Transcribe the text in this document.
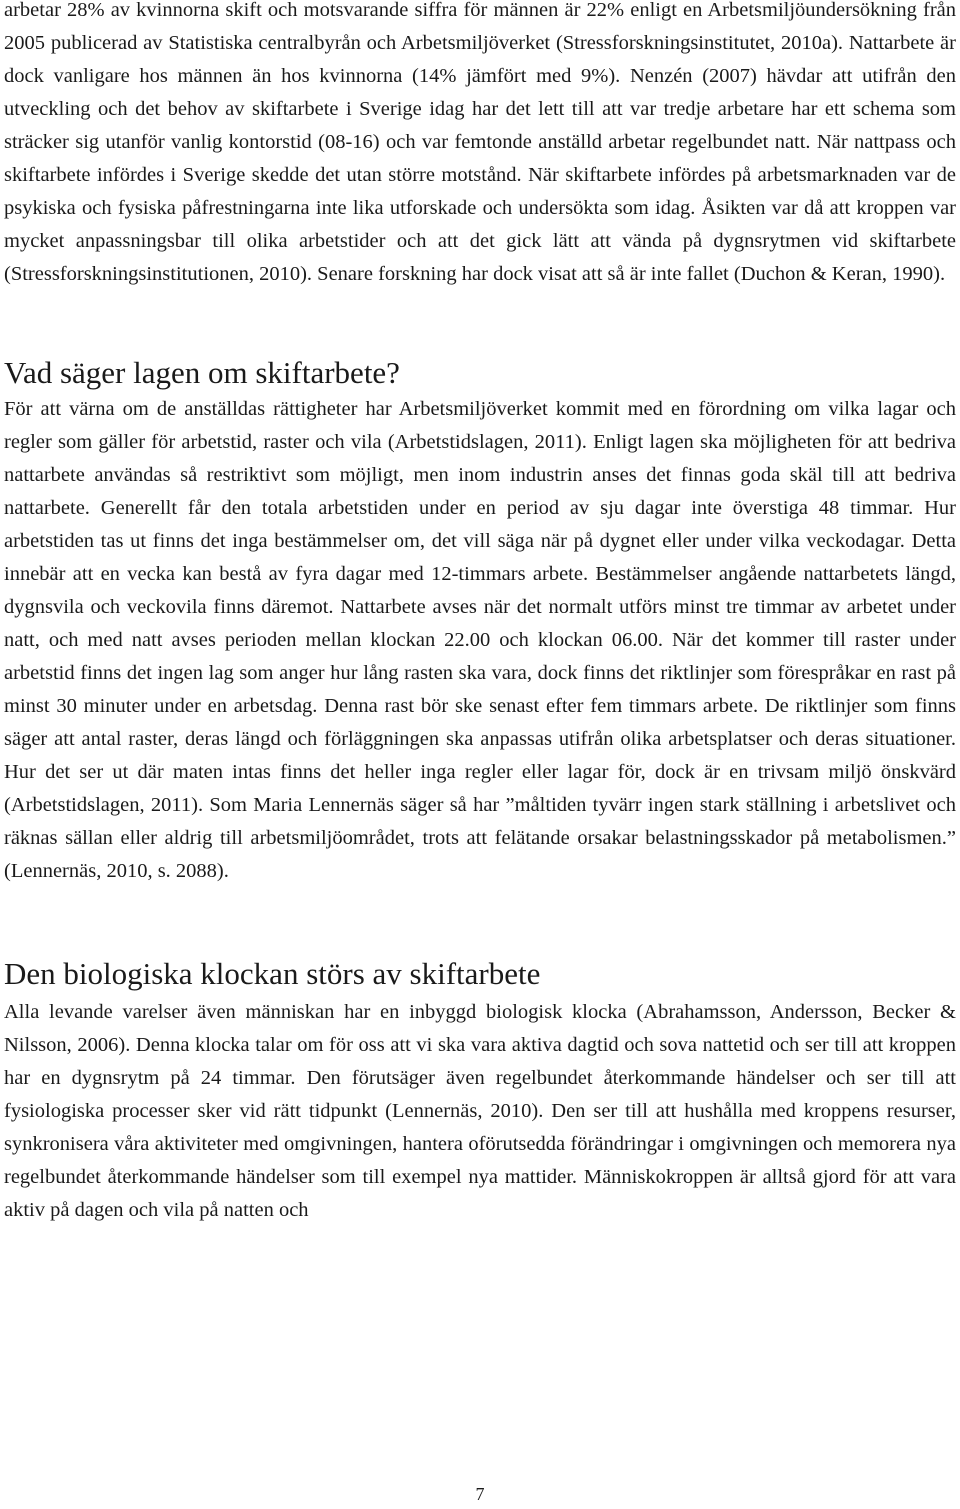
arbetar 28% av kvinnorna skift och motsvarande siffra för männen är 22% enligt en Arbetsmiljöundersökning från 2005 publicerad av Statistiska centralbyrån och Arbetsmiljöverket (Stressforskningsinstitutet, 2010a). Nattarbete är dock vanligare hos männen än hos kvinnorna (14% jämfört med 9%). Nenzén (2007) hävdar att utifrån den utveckling och det behov av skiftarbete i Sverige idag har det lett till att var tredje arbetare har ett schema som sträcker sig utanför vanlig kontorstid (08-16) och var femtonde anställd arbetar regelbundet natt. När nattpass och skiftarbete infördes i Sverige skedde det utan större motstånd. När skiftarbete infördes på arbetsmarknaden var de psykiska och fysiska påfrestningarna inte lika utforskade och undersökta som idag. Åsikten var då att kroppen var mycket anpassningsbar till olika arbetstider och att det gick lätt att vända på dygnsrytmen vid skiftarbete (Stressforskningsinstitutionen, 2010). Senare forskning har dock visat att så är inte fallet (Duchon & Keran, 1990).

Vad säger lagen om skiftarbete?

För att värna om de anställdas rättigheter har Arbetsmiljöverket kommit med en förordning om vilka lagar och regler som gäller för arbetstid, raster och vila (Arbetstidslagen, 2011). Enligt lagen ska möjligheten för att bedriva nattarbete användas så restriktivt som möjligt, men inom industrin anses det finnas goda skäl till att bedriva nattarbete. Generellt får den totala arbetstiden under en period av sju dagar inte överstiga 48 timmar. Hur arbetstiden tas ut finns det inga bestämmelser om, det vill säga när på dygnet eller under vilka veckodagar. Detta innebär att en vecka kan bestå av fyra dagar med 12-timmars arbete. Bestämmelser angående nattarbetets längd, dygnsvila och veckovila finns däremot. Nattarbete avses när det normalt utförs minst tre timmar av arbetet under natt, och med natt avses perioden mellan klockan 22.00 och klockan 06.00. När det kommer till raster under arbetstid finns det ingen lag som anger hur lång rasten ska vara, dock finns det riktlinjer som förespråkar en rast på minst 30 minuter under en arbetsdag. Denna rast bör ske senast efter fem timmars arbete. De riktlinjer som finns säger att antal raster, deras längd och förläggningen ska anpassas utifrån olika arbetsplatser och deras situationer. Hur det ser ut där maten intas finns det heller inga regler eller lagar för, dock är en trivsam miljö önskvärd (Arbetstidslagen, 2011). Som Maria Lennernäs säger så har ”måltiden tyvärr ingen stark ställning i arbetslivet och räknas sällan eller aldrig till arbetsmiljöområdet, trots att felätande orsakar belastningsskador på metabolismen.” (Lennernäs, 2010, s. 2088).

Den biologiska klockan störs av skiftarbete

Alla levande varelser även människan har en inbyggd biologisk klocka (Abrahamsson, Andersson, Becker & Nilsson, 2006). Denna klocka talar om för oss att vi ska vara aktiva dagtid och sova nattetid och ser till att kroppen har en dygnsrytm på 24 timmar. Den förutsäger även regelbundet återkommande händelser och ser till att fysiologiska processer sker vid rätt tidpunkt (Lennernäs, 2010). Den ser till att hushålla med kroppens resurser, synkronisera våra aktiviteter med omgivningen, hantera oförutsedda förändringar i omgivningen och memorera nya regelbundet återkommande händelser som till exempel nya mattider. Människokroppen är alltså gjord för att vara aktiv på dagen och vila på natten och

7
